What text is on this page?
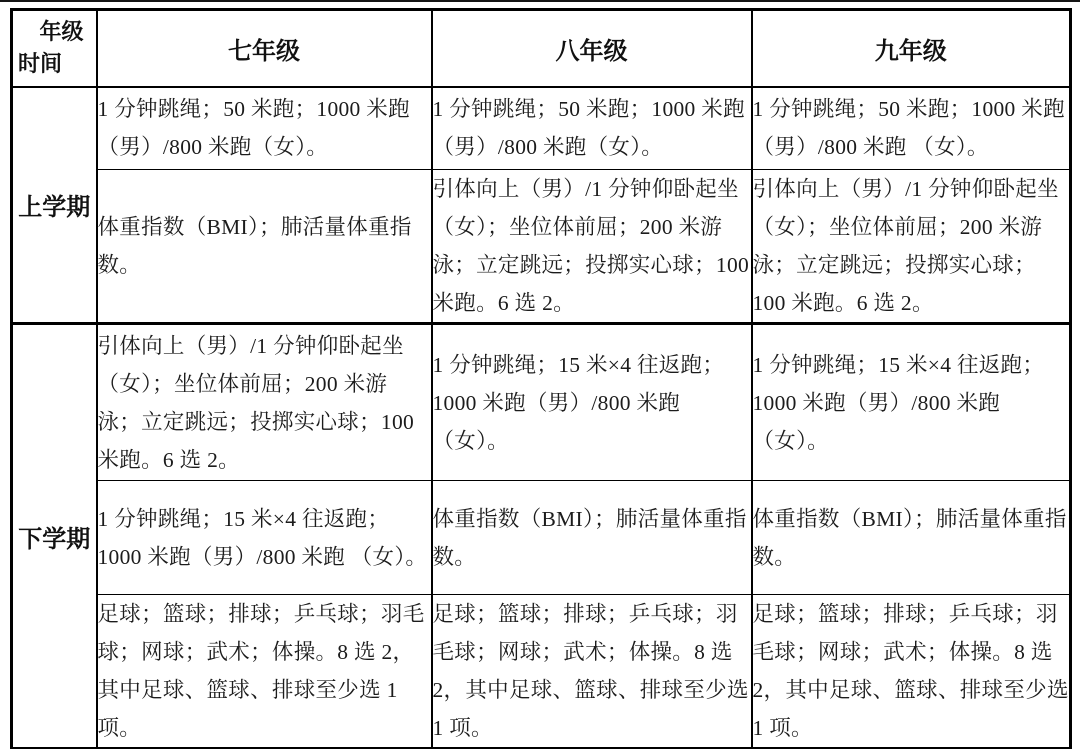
年级
时间	七年级	八年级	九年级
上学期	1 分钟跳绳；50 米跑；1000 米跑（男）/800 米跑（女）。	1 分钟跳绳；50 米跑；1000 米跑（男）/800 米跑（女）。	1 分钟跳绳；50 米跑；1000 米跑（男）/800 米跑 （女）。
	体重指数（BMI）；肺活量体重指数。	引体向上（男）/1 分钟仰卧起坐（女）；坐位体前屈；200 米游泳；立定跳远；投掷实心球；100 米跑。6 选 2。	引体向上（男）/1 分钟仰卧起坐（女）；坐位体前屈；200 米游泳；立定跳远；投掷实心球；100 米跑。6 选 2。
下学期	引体向上（男）/1 分钟仰卧起坐（女）；坐位体前屈；200 米游泳；立定跳远；投掷实心球；100 米跑。6 选 2。	1 分钟跳绳；15 米×4 往返跑；1000 米跑（男）/800 米跑（女）。	1 分钟跳绳；15 米×4 往返跑；1000 米跑（男）/800 米跑 （女）。
	1 分钟跳绳；15 米×4 往返跑；1000 米跑（男）/800 米跑 （女）。	体重指数（BMI）；肺活量体重指数。	体重指数（BMI）；肺活量体重指数。
	足球；篮球；排球；乒乓球；羽毛球；网球；武术；体操。8 选 2，其中足球、篮球、排球至少选 1 项。	足球；篮球；排球；乒乓球；羽毛球；网球；武术；体操。8 选 2，其中足球、篮球、排球至少选 1 项。	足球；篮球；排球；乒乓球；羽毛球；网球；武术；体操。8 选 2，其中足球、篮球、排球至少选 1 项。
